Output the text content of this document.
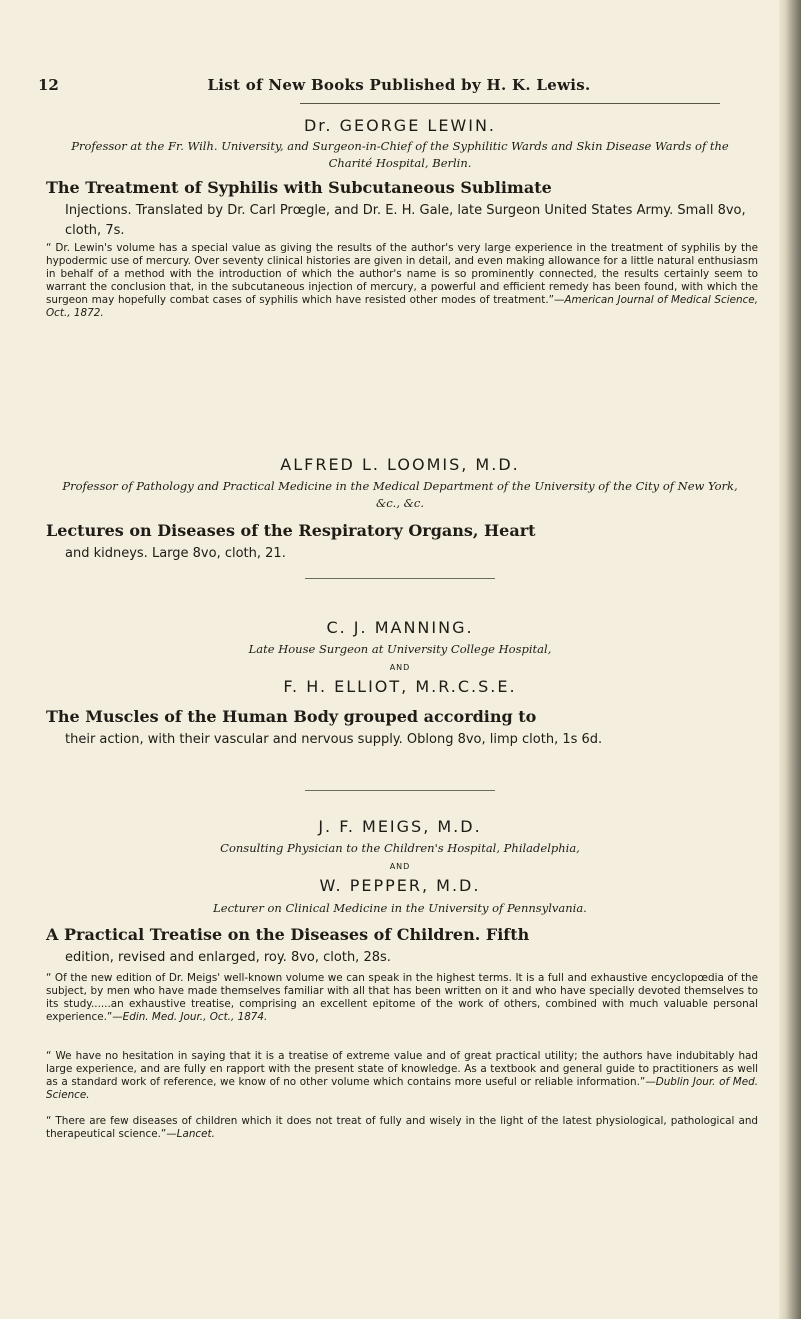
12	List of New Books Published by H. K. Lewis.
Dr. GEORGE LEWIN.
Professor at the Fr. Wilh. University, and Surgeon-in-Chief of the Syphilitic Wards and Skin Disease Wards of the Charité Hospital, Berlin.
The Treatment of Syphilis with Subcutaneous Sublimate
Injections. Translated by Dr. Carl Prœgle, and Dr. E. H. Gale, late Surgeon United States Army. Small 8vo, cloth, 7s.
“ Dr. Lewin's volume has a special value as giving the results of the author's very large experience in the treatment of syphilis by the hypodermic use of mercury. Over seventy clinical histories are given in detail, and even making allowance for a little natural enthusiasm in behalf of a method with the introduction of which the author's name is so prominently connected, the results certainly seem to warrant the conclusion that, in the subcutaneous injection of mercury, a powerful and efficient remedy has been found, with which the surgeon may hopefully combat cases of syphilis which have resisted other modes of treatment.”—American Journal of Medical Science, Oct., 1872.
ALFRED L. LOOMIS, M.D.
Professor of Pathology and Practical Medicine in the Medical Department of the University of the City of New York, &c., &c.
Lectures on Diseases of the Respiratory Organs, Heart
and kidneys. Large 8vo, cloth, 21.
C. J. MANNING.
Late House Surgeon at University College Hospital,
AND
F. H. ELLIOT, M.R.C.S.E.
The Muscles of the Human Body grouped according to
their action, with their vascular and nervous supply. Oblong 8vo, limp cloth, 1s 6d.
J. F. MEIGS, M.D.
Consulting Physician to the Children's Hospital, Philadelphia,
AND
W. PEPPER, M.D.
Lecturer on Clinical Medicine in the University of Pennsylvania.
A Practical Treatise on the Diseases of Children. Fifth
edition, revised and enlarged, roy. 8vo, cloth, 28s.
“ Of the new edition of Dr. Meigs' well-known volume we can speak in the highest terms. It is a full and exhaustive encyclopœdia of the subject, by men who have made themselves familiar with all that has been written on it and who have specially devoted themselves to its study......an exhaustive treatise, comprising an excellent epitome of the work of others, combined with much valuable personal experience.”—Edin. Med. Jour., Oct., 1874.
“ We have no hesitation in saying that it is a treatise of extreme value and of great practical utility; the authors have indubitably had large experience, and are fully en rapport with the present state of knowledge. As a textbook and general guide to practitioners as well as a standard work of reference, we know of no other volume which contains more useful or reliable information.”—Dublin Jour. of Med. Science.
“ There are few diseases of children which it does not treat of fully and wisely in the light of the latest physiological, pathological and therapeutical science.”—Lancet.
